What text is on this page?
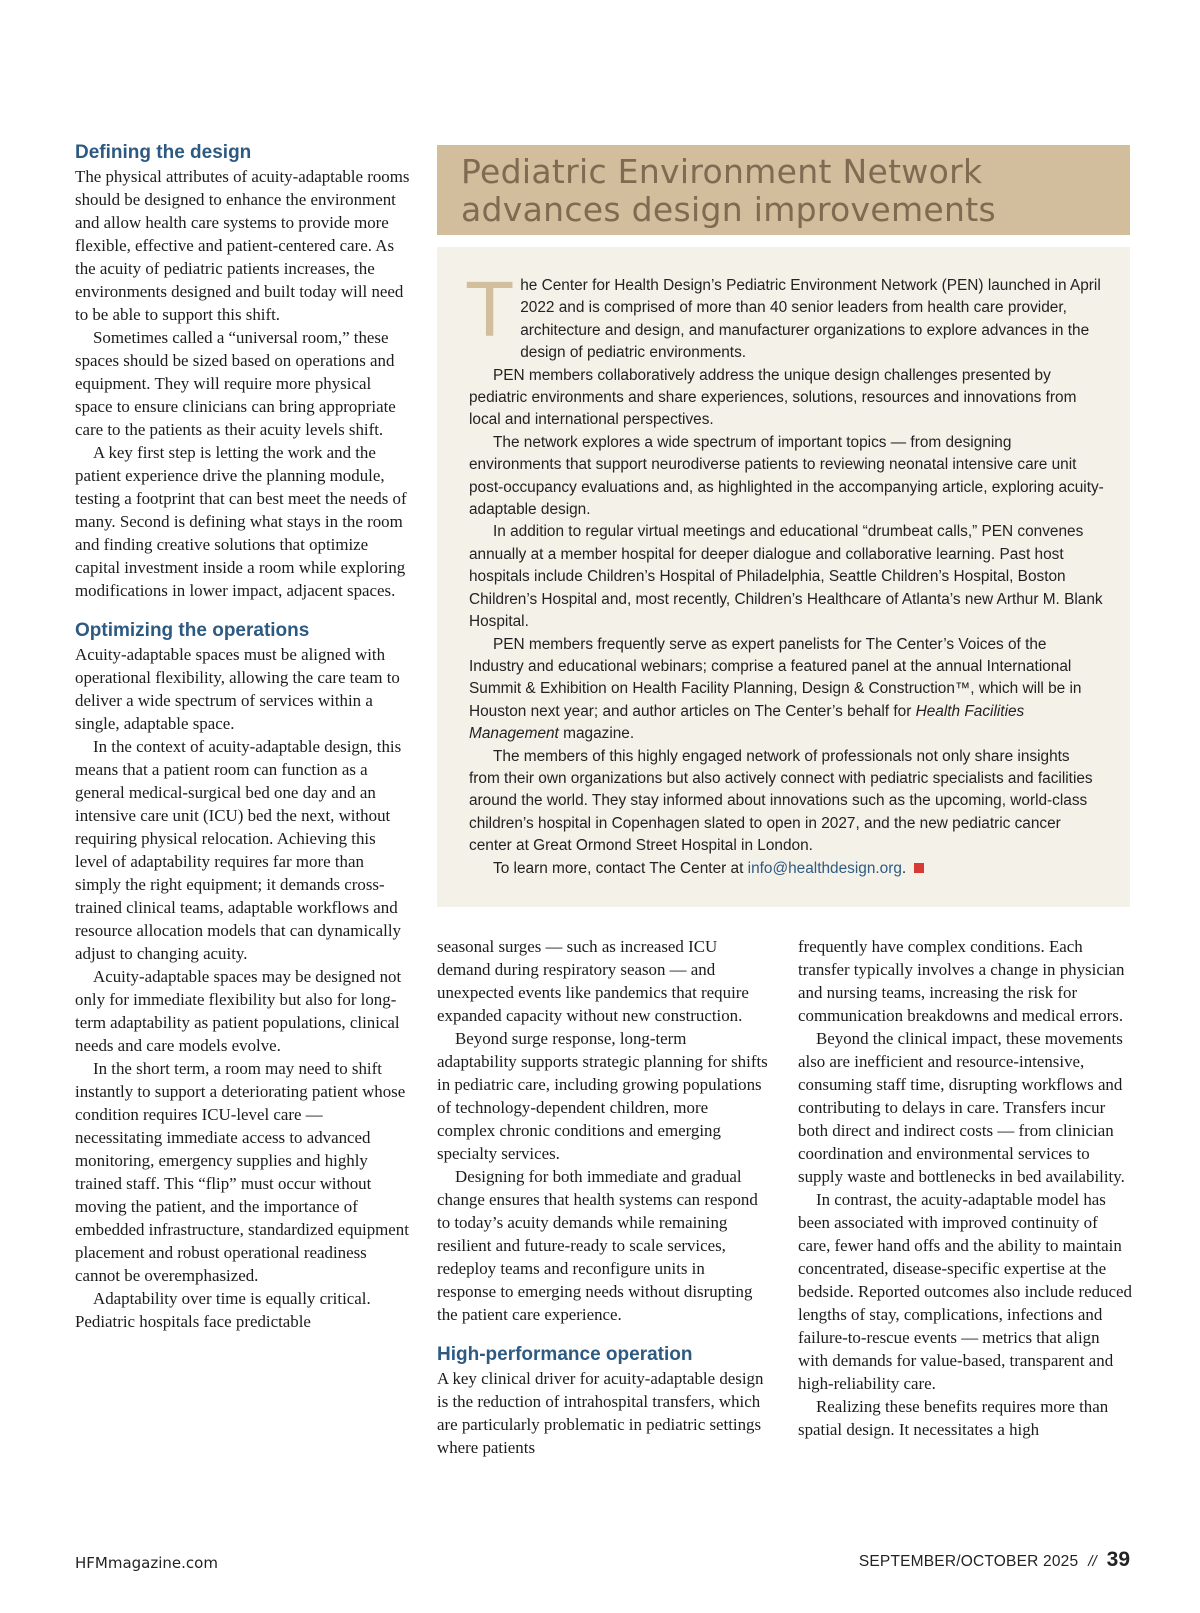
Defining the design

The physical attributes of acuity-adaptable rooms should be designed to enhance the environment and allow health care systems to provide more flexible, effective and patient-centered care. As the acuity of pediatric patients increases, the environments designed and built today will need to be able to support this shift.

Sometimes called a “universal room,” these spaces should be sized based on operations and equipment. They will require more physical space to ensure clinicians can bring appropriate care to the patients as their acuity levels shift.

A key first step is letting the work and the patient experience drive the planning module, testing a footprint that can best meet the needs of many. Second is defining what stays in the room and finding creative solutions that optimize capital investment inside a room while exploring modifications in lower impact, adjacent spaces.

Optimizing the operations

Acuity-adaptable spaces must be aligned with operational flexibility, allowing the care team to deliver a wide spectrum of services within a single, adaptable space.

In the context of acuity-adaptable design, this means that a patient room can function as a general medical-surgical bed one day and an intensive care unit (ICU) bed the next, without requiring physical relocation. Achieving this level of adaptability requires far more than simply the right equipment; it demands cross-trained clinical teams, adaptable workflows and resource allocation models that can dynamically adjust to changing acuity.

Acuity-adaptable spaces may be designed not only for immediate flexibility but also for long-term adaptability as patient populations, clinical needs and care models evolve.

In the short term, a room may need to shift instantly to support a deteriorating patient whose condition requires ICU-level care — necessitating immediate access to advanced monitoring, emergency supplies and highly trained staff. This “flip” must occur without moving the patient, and the importance of embedded infrastructure, standardized equipment placement and robust operational readiness cannot be overemphasized.

Adaptability over time is equally critical. Pediatric hospitals face predictable

Pediatric Environment Network advances design improvements

The Center for Health Design’s Pediatric Environment Network (PEN) launched in April 2022 and is comprised of more than 40 senior leaders from health care provider, architecture and design, and manufacturer organizations to explore advances in the design of pediatric environments.

PEN members collaboratively address the unique design challenges presented by pediatric environments and share experiences, solutions, resources and innovations from local and international perspectives.

The network explores a wide spectrum of important topics — from designing environments that support neurodiverse patients to reviewing neonatal intensive care unit post-occupancy evaluations and, as highlighted in the accompanying article, exploring acuity-adaptable design.

In addition to regular virtual meetings and educational “drumbeat calls,” PEN convenes annually at a member hospital for deeper dialogue and collaborative learning. Past host hospitals include Children’s Hospital of Philadelphia, Seattle Children’s Hospital, Boston Children’s Hospital and, most recently, Children’s Healthcare of Atlanta’s new Arthur M. Blank Hospital.

PEN members frequently serve as expert panelists for The Center’s Voices of the Industry and educational webinars; comprise a featured panel at the annual International Summit & Exhibition on Health Facility Planning, Design & Construction™, which will be in Houston next year; and author articles on The Center’s behalf for Health Facilities Management magazine.

The members of this highly engaged network of professionals not only share insights from their own organizations but also actively connect with pediatric specialists and facilities around the world. They stay informed about innovations such as the upcoming, world-class children’s hospital in Copenhagen slated to open in 2027, and the new pediatric cancer center at Great Ormond Street Hospital in London.

To learn more, contact The Center at info@healthdesign.org.

seasonal surges — such as increased ICU demand during respiratory season — and unexpected events like pandemics that require expanded capacity without new construction.

Beyond surge response, long-term adaptability supports strategic planning for shifts in pediatric care, including growing populations of technology-dependent children, more complex chronic conditions and emerging specialty services.

Designing for both immediate and gradual change ensures that health systems can respond to today’s acuity demands while remaining resilient and future-ready to scale services, redeploy teams and reconfigure units in response to emerging needs without disrupting the patient care experience.

High-performance operation

A key clinical driver for acuity-adaptable design is the reduction of intrahospital transfers, which are particularly problematic in pediatric settings where patients

frequently have complex conditions. Each transfer typically involves a change in physician and nursing teams, increasing the risk for communication breakdowns and medical errors.

Beyond the clinical impact, these movements also are inefficient and resource-intensive, consuming staff time, disrupting workflows and contributing to delays in care. Transfers incur both direct and indirect costs — from clinician coordination and environmental services to supply waste and bottlenecks in bed availability.

In contrast, the acuity-adaptable model has been associated with improved continuity of care, fewer hand offs and the ability to maintain concentrated, disease-specific expertise at the bedside. Reported outcomes also include reduced lengths of stay, complications, infections and failure-to-rescue events — metrics that align with demands for value-based, transparent and high-reliability care.

Realizing these benefits requires more than spatial design. It necessitates a high

HFMmagazine.com	SEPTEMBER/OCTOBER 2025 // 39
